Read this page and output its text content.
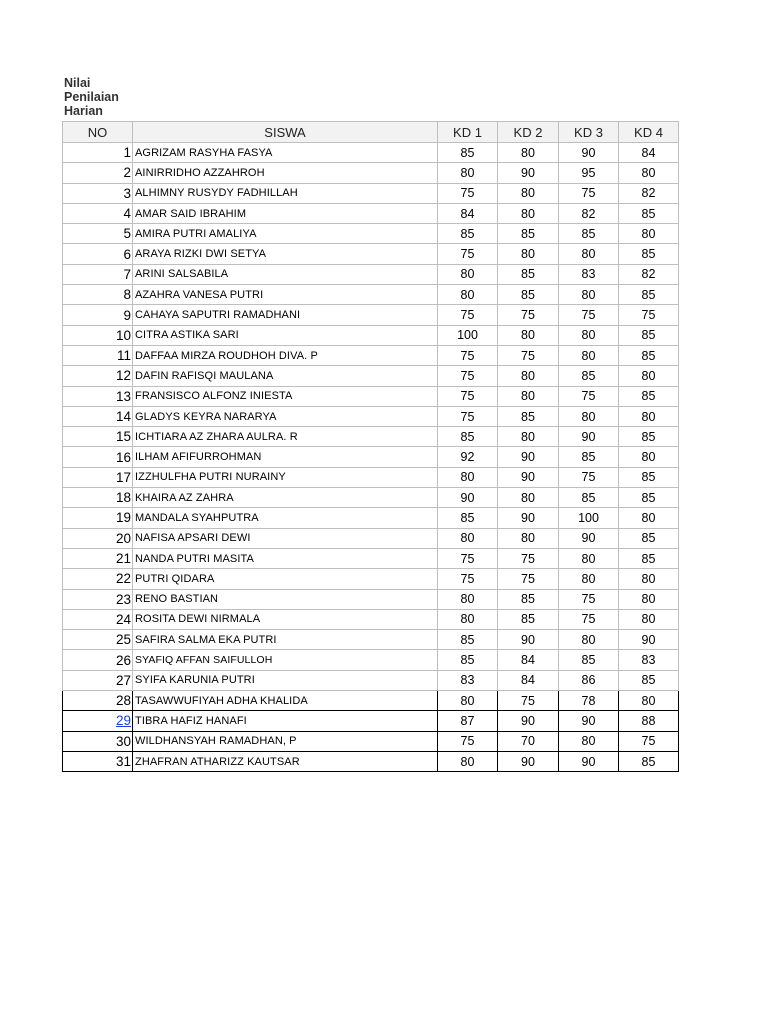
Nilai
Penilaian
Harian
NO	SISWA	KD 1	KD 2	KD 3	KD 4
1	AGRIZAM RASYHA FASYA	85	80	90	84
2	AINIRRIDHO AZZAHROH	80	90	95	80
3	ALHIMNY RUSYDY FADHILLAH	75	80	75	82
4	AMAR SAID IBRAHIM	84	80	82	85
5	AMIRA PUTRI AMALIYA	85	85	85	80
6	ARAYA RIZKI DWI SETYA	75	80	80	85
7	ARINI SALSABILA	80	85	83	82
8	AZAHRA VANESA PUTRI	80	85	80	85
9	CAHAYA SAPUTRI RAMADHANI	75	75	75	75
10	CITRA ASTIKA SARI	100	80	80	85
11	DAFFAA MIRZA ROUDHOH DIVA. P	75	75	80	85
12	DAFIN RAFISQI MAULANA	75	80	85	80
13	FRANSISCO ALFONZ INIESTA	75	80	75	85
14	GLADYS KEYRA NARARYA	75	85	80	80
15	ICHTIARA AZ ZHARA AULRA. R	85	80	90	85
16	ILHAM AFIFURROHMAN	92	90	85	80
17	IZZHULFHA PUTRI NURAINY	80	90	75	85
18	KHAIRA AZ ZAHRA	90	80	85	85
19	MANDALA SYAHPUTRA	85	90	100	80
20	NAFISA APSARI DEWI	80	80	90	85
21	NANDA PUTRI MASITA	75	75	80	85
22	PUTRI QIDARA	75	75	80	80
23	RENO BASTIAN	80	85	75	80
24	ROSITA DEWI NIRMALA	80	85	75	80
25	SAFIRA SALMA EKA PUTRI	85	90	80	90
26	SYAFIQ AFFAN SAIFULLOH	85	84	85	83
27	SYIFA KARUNIA PUTRI	83	84	86	85
28	TASAWWUFIYAH ADHA KHALIDA	80	75	78	80
29	TIBRA HAFIZ HANAFI	87	90	90	88
30	WILDHANSYAH RAMADHAN, P	75	70	80	75
31	ZHAFRAN ATHARIZZ KAUTSAR	80	90	90	85
